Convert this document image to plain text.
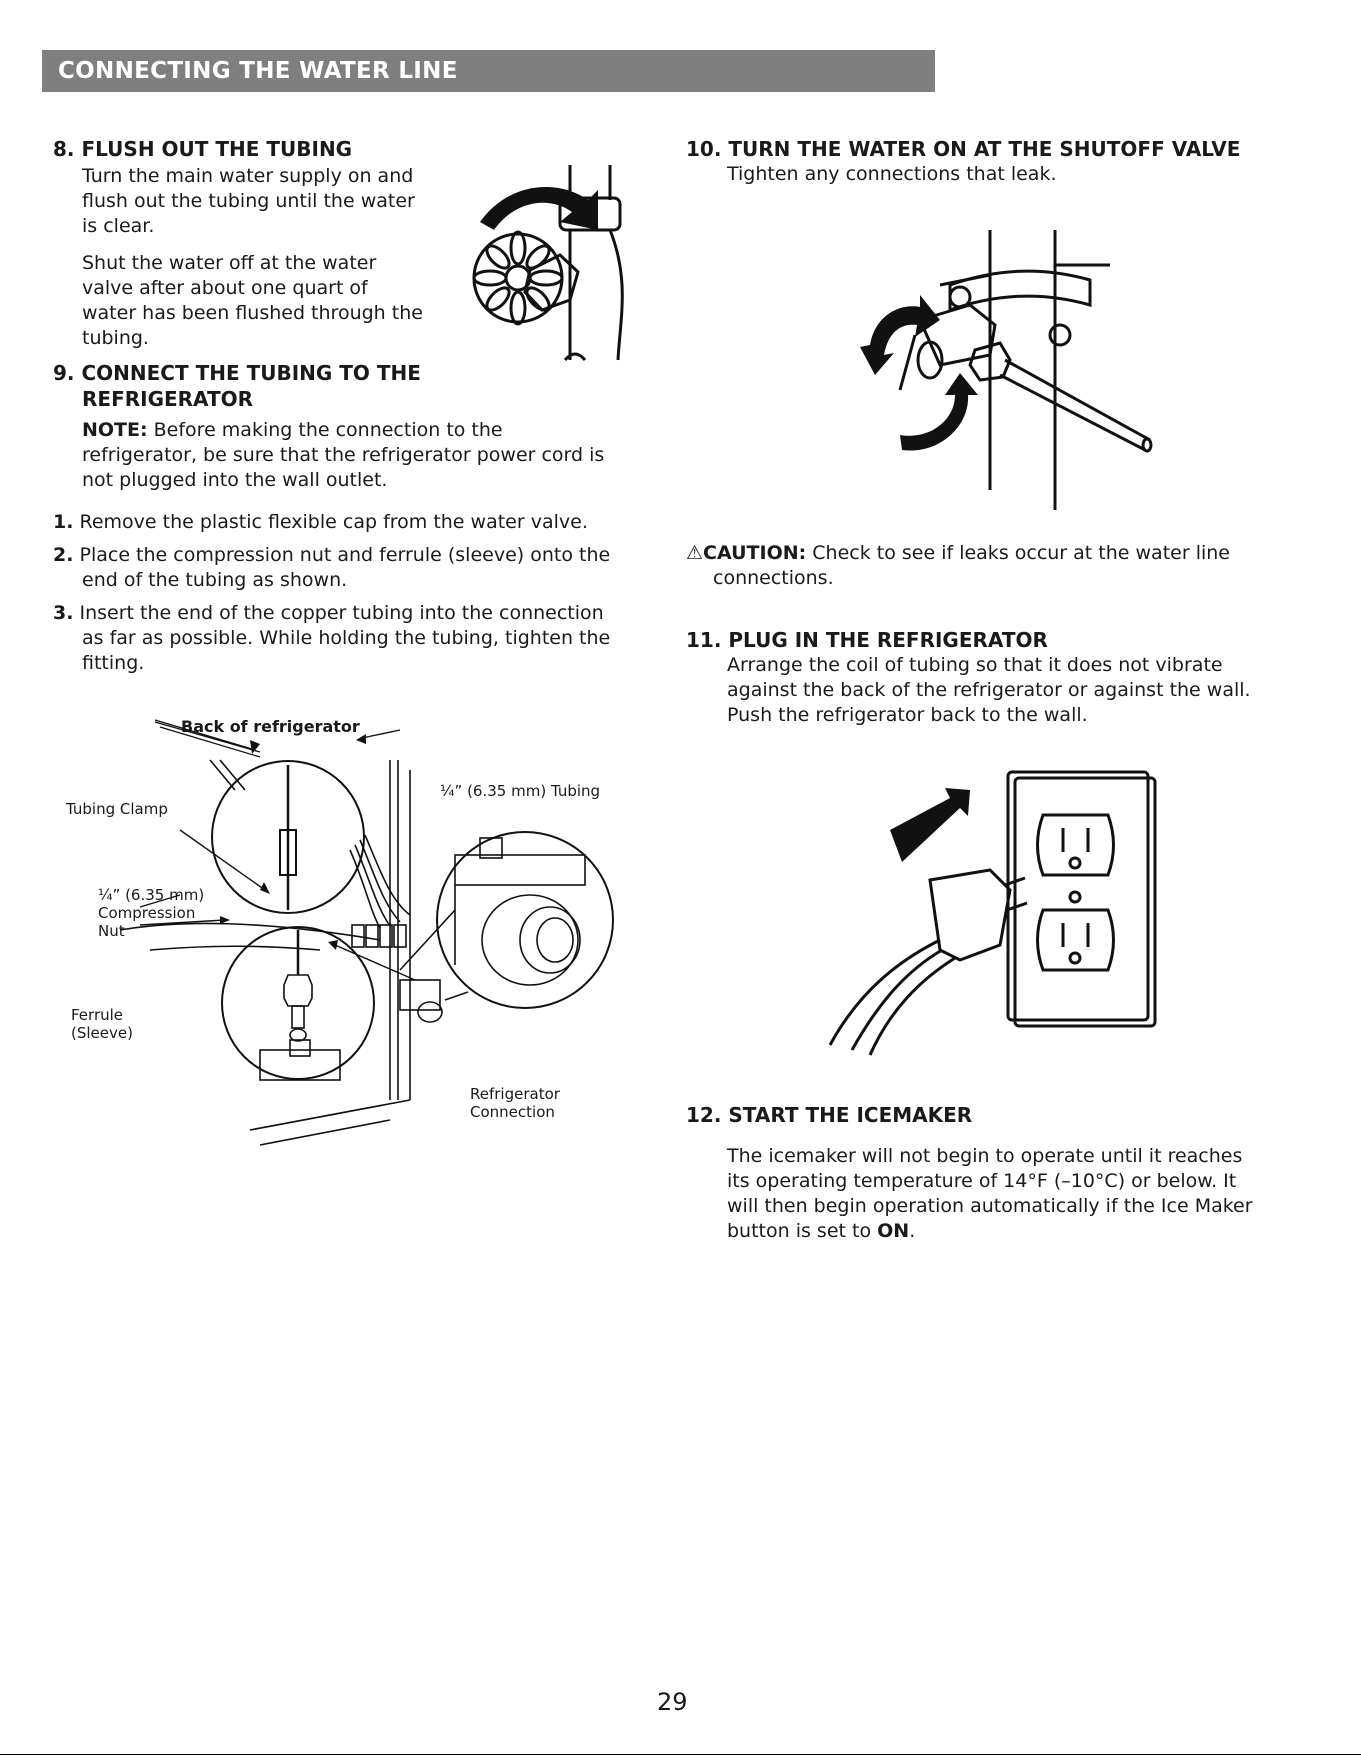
CONNECTING THE WATER LINE

8. FLUSH OUT THE TUBING

Turn the main water supply on and

flush out the tubing until the water

is clear.

Shut the water off at the water

valve after about one quart of

water has been flushed through the

tubing.

9. CONNECT THE TUBING TO THE

REFRIGERATOR

NOTE: Before making the connection to the

refrigerator, be sure that the refrigerator power cord is

not plugged into the wall outlet.

1. Remove the plastic flexible cap from the water valve.

2. Place the compression nut and ferrule (sleeve) onto the

end of the tubing as shown.

3. Insert the end of the copper tubing into the connection

as far as possible. While holding the tubing, tighten the

fitting.

Back of refrigerator
Tubing Clamp
¼” (6.35 mm) Tubing
¼” (6.35 mm)
Compression
Nut
Ferrule
(Sleeve)
Refrigerator
Connection

10. TURN THE WATER ON AT THE SHUTOFF VALVE

Tighten any connections that leak.

⚠CAUTION: Check to see if leaks occur at the water line

connections.

11. PLUG IN THE REFRIGERATOR

Arrange the coil of tubing so that it does not vibrate

against the back of the refrigerator or against the wall.

Push the refrigerator back to the wall.

12. START THE ICEMAKER

The icemaker will not begin to operate until it reaches

its operating temperature of 14°F (–10°C) or below. It

will then begin operation automatically if the Ice Maker

button is set to ON.

29
